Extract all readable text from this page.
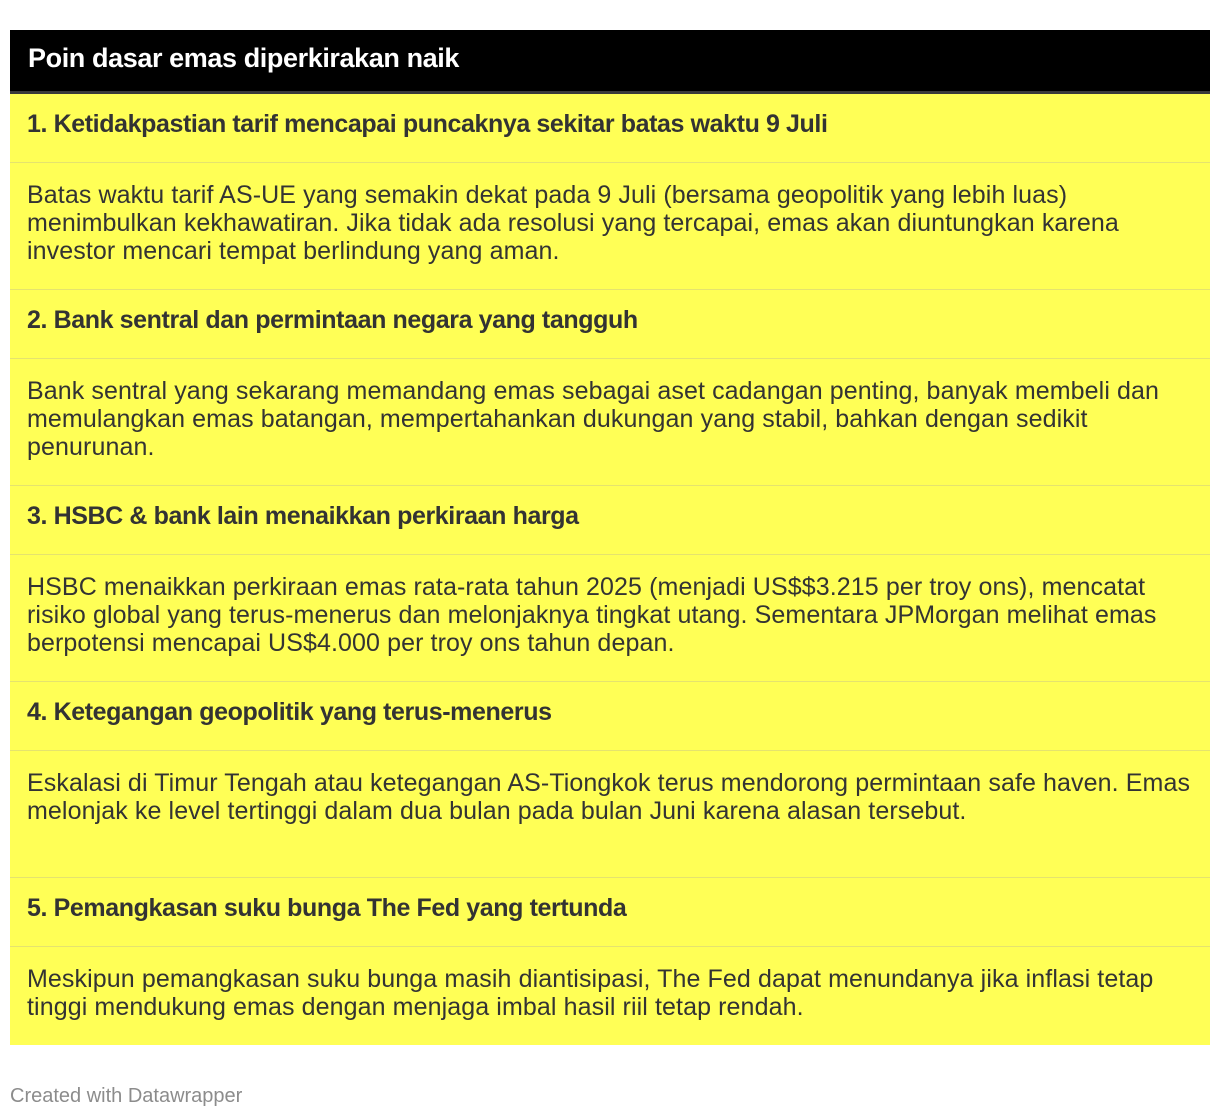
Poin dasar emas diperkirakan naik
1. Ketidakpastian tarif mencapai puncaknya sekitar batas waktu 9 Juli
Batas waktu tarif AS-UE yang semakin dekat pada 9 Juli (bersama geopolitik yang lebih luas) menimbulkan kekhawatiran. Jika tidak ada resolusi yang tercapai, emas akan diuntungkan karena investor mencari tempat berlindung yang aman.
2. Bank sentral dan permintaan negara yang tangguh
Bank sentral yang sekarang memandang emas sebagai aset cadangan penting, banyak membeli dan memulangkan emas batangan, mempertahankan dukungan yang stabil, bahkan dengan sedikit penurunan.
3. HSBC & bank lain menaikkan perkiraan harga
HSBC menaikkan perkiraan emas rata-rata tahun 2025 (menjadi US$$3.215 per troy ons), mencatat risiko global yang terus-menerus dan melonjaknya tingkat utang. Sementara JPMorgan melihat emas berpotensi mencapai US$4.000 per troy ons tahun depan.
4. Ketegangan geopolitik yang terus-menerus
Eskalasi di Timur Tengah atau ketegangan AS-Tiongkok terus mendorong permintaan safe haven. Emas melonjak ke level tertinggi dalam dua bulan pada bulan Juni karena alasan tersebut.
5. Pemangkasan suku bunga The Fed yang tertunda
Meskipun pemangkasan suku bunga masih diantisipasi, The Fed dapat menundanya jika inflasi tetap tinggi mendukung emas dengan menjaga imbal hasil riil tetap rendah.
Created with Datawrapper
